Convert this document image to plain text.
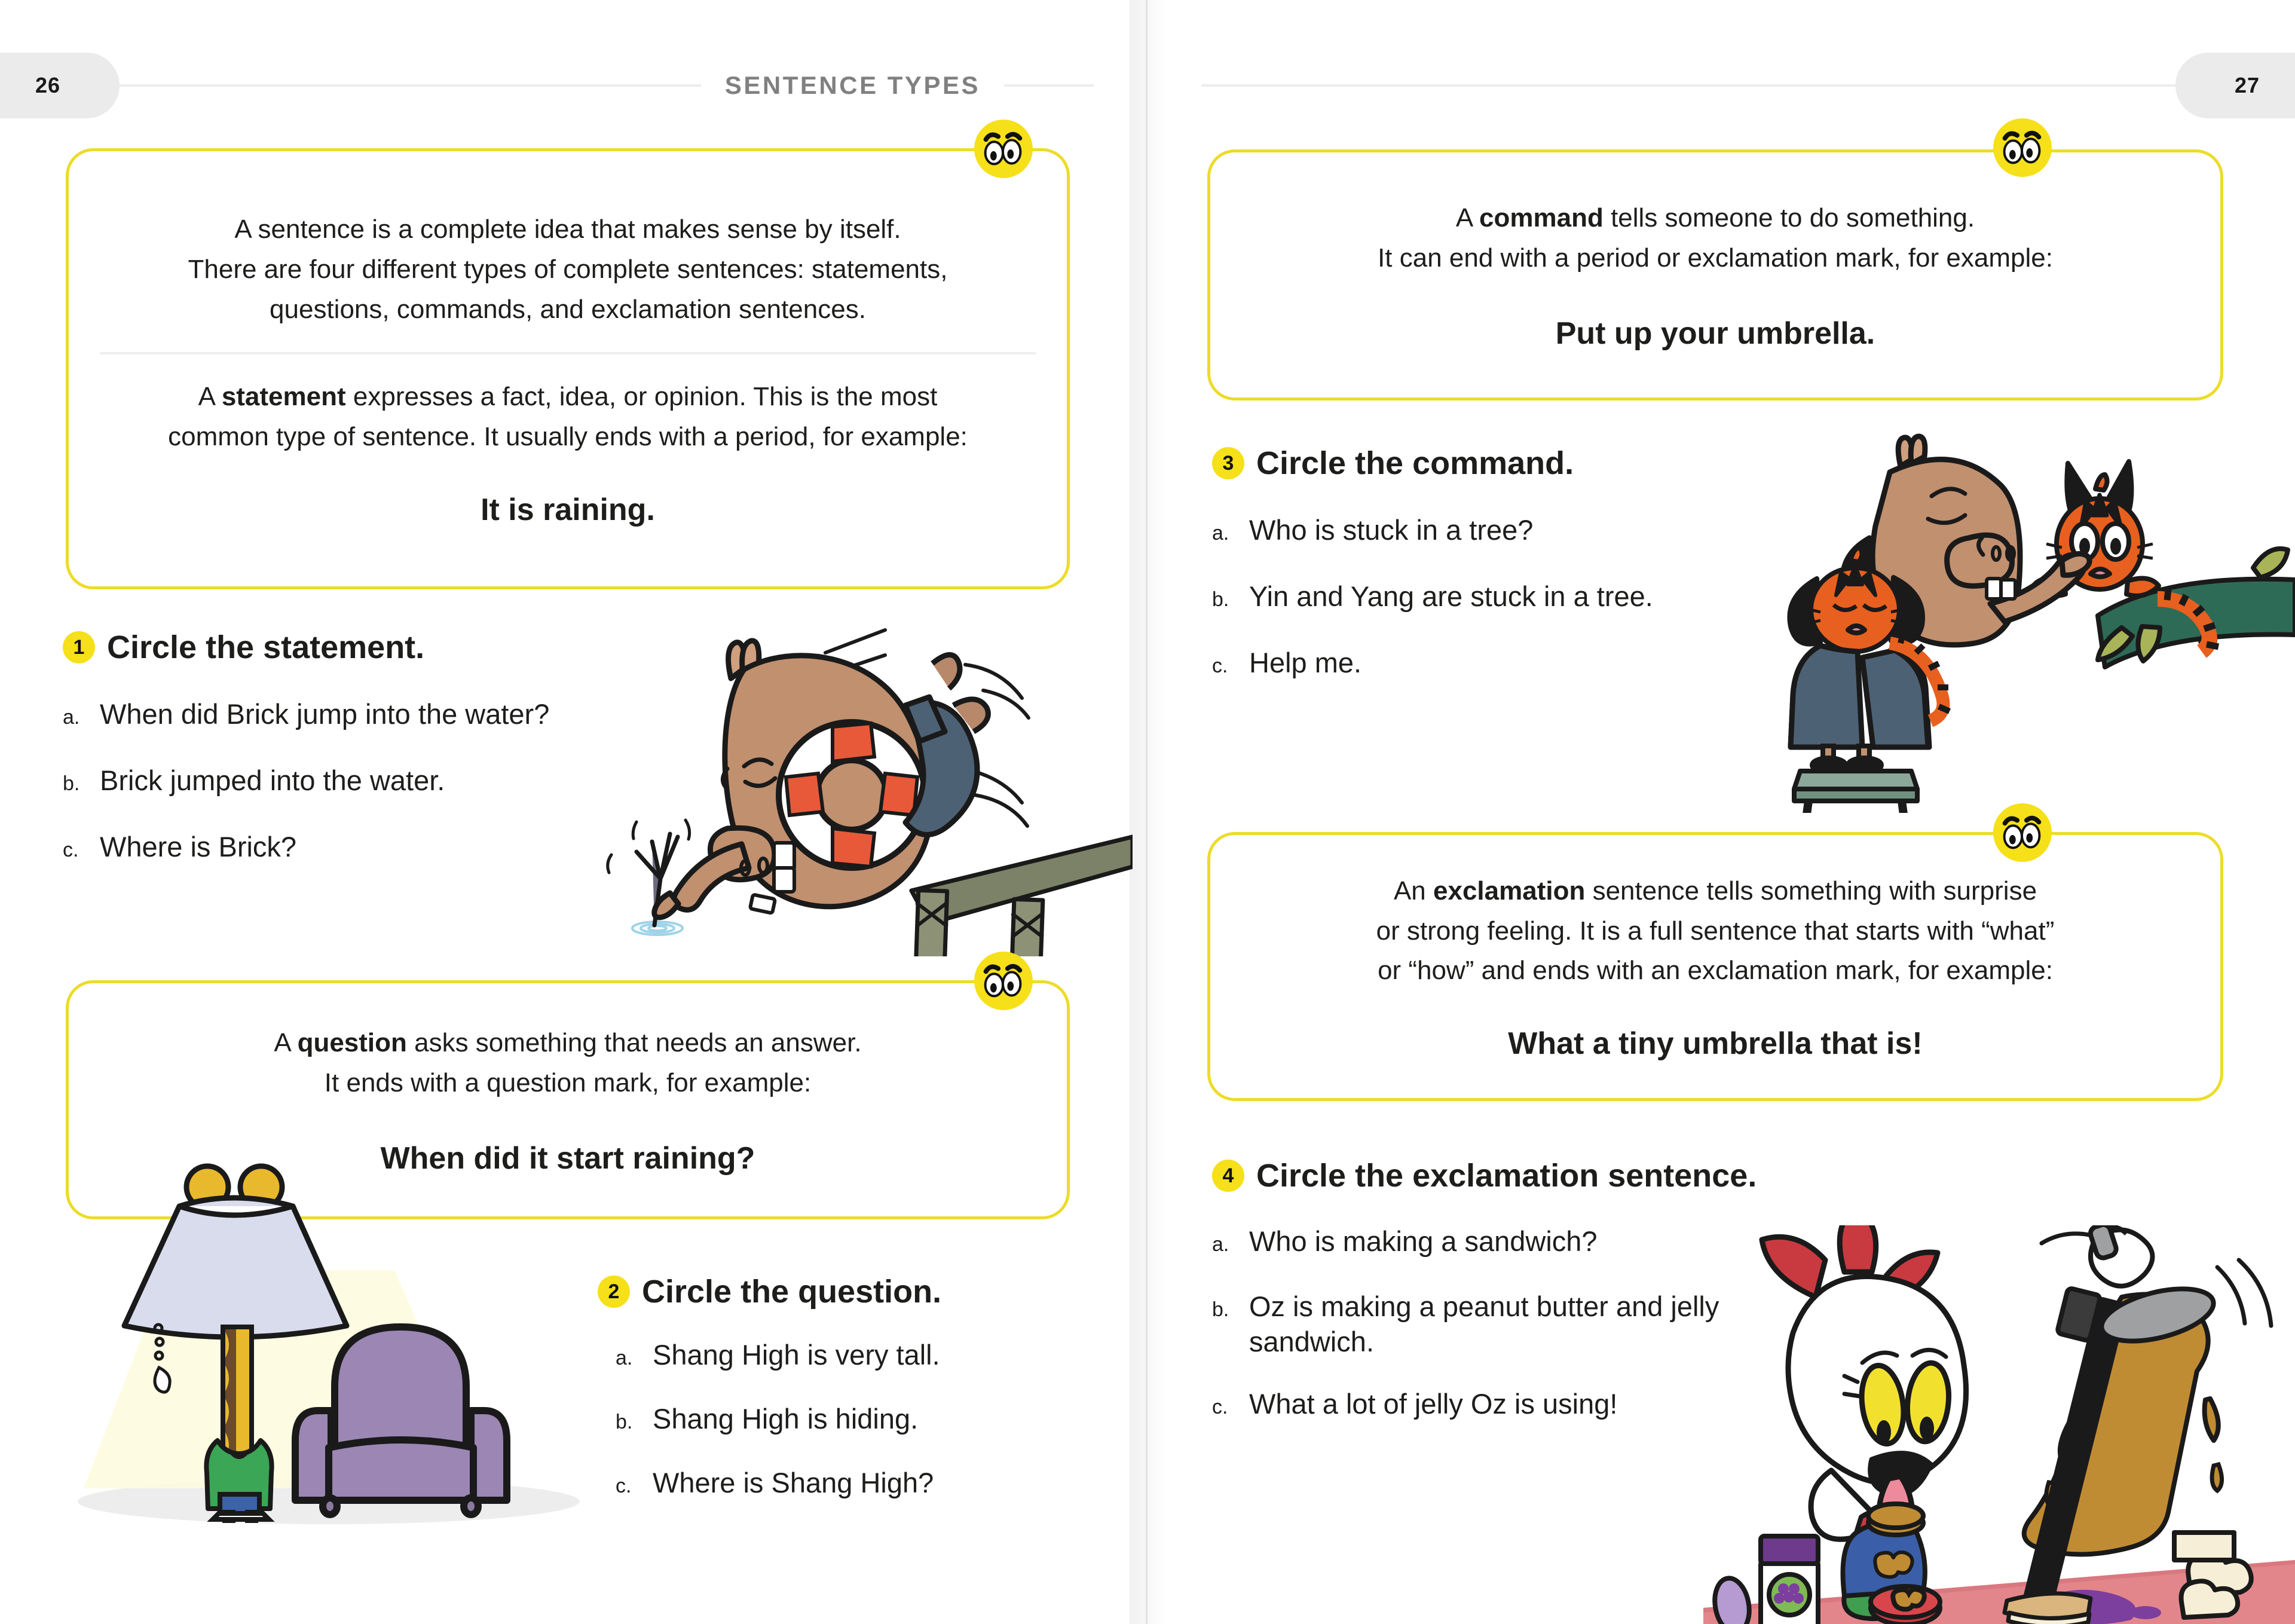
26	SENTENCE TYPES
A sentence is a complete idea that makes sense by itself.
There are four different types of complete sentences: statements,
questions, commands, and exclamation sentences.
A statement expresses a fact, idea, or opinion. This is the most
common type of sentence. It usually ends with a period, for example:
It is raining.
1 Circle the statement.
a. When did Brick jump into the water?
b. Brick jumped into the water.
c. Where is Brick?
A question asks something that needs an answer.
It ends with a question mark, for example:
When did it start raining?
2 Circle the question.
a. Shang High is very tall.
b. Shang High is hiding.
c. Where is Shang High?
27
A command tells someone to do something.
It can end with a period or exclamation mark, for example:
Put up your umbrella.
3 Circle the command.
a. Who is stuck in a tree?
b. Yin and Yang are stuck in a tree.
c. Help me.
An exclamation sentence tells something with surprise
or strong feeling. It is a full sentence that starts with “what”
or “how” and ends with an exclamation mark, for example:
What a tiny umbrella that is!
4 Circle the exclamation sentence.
a. Who is making a sandwich?
b. Oz is making a peanut butter and jelly sandwich.
c. What a lot of jelly Oz is using!
